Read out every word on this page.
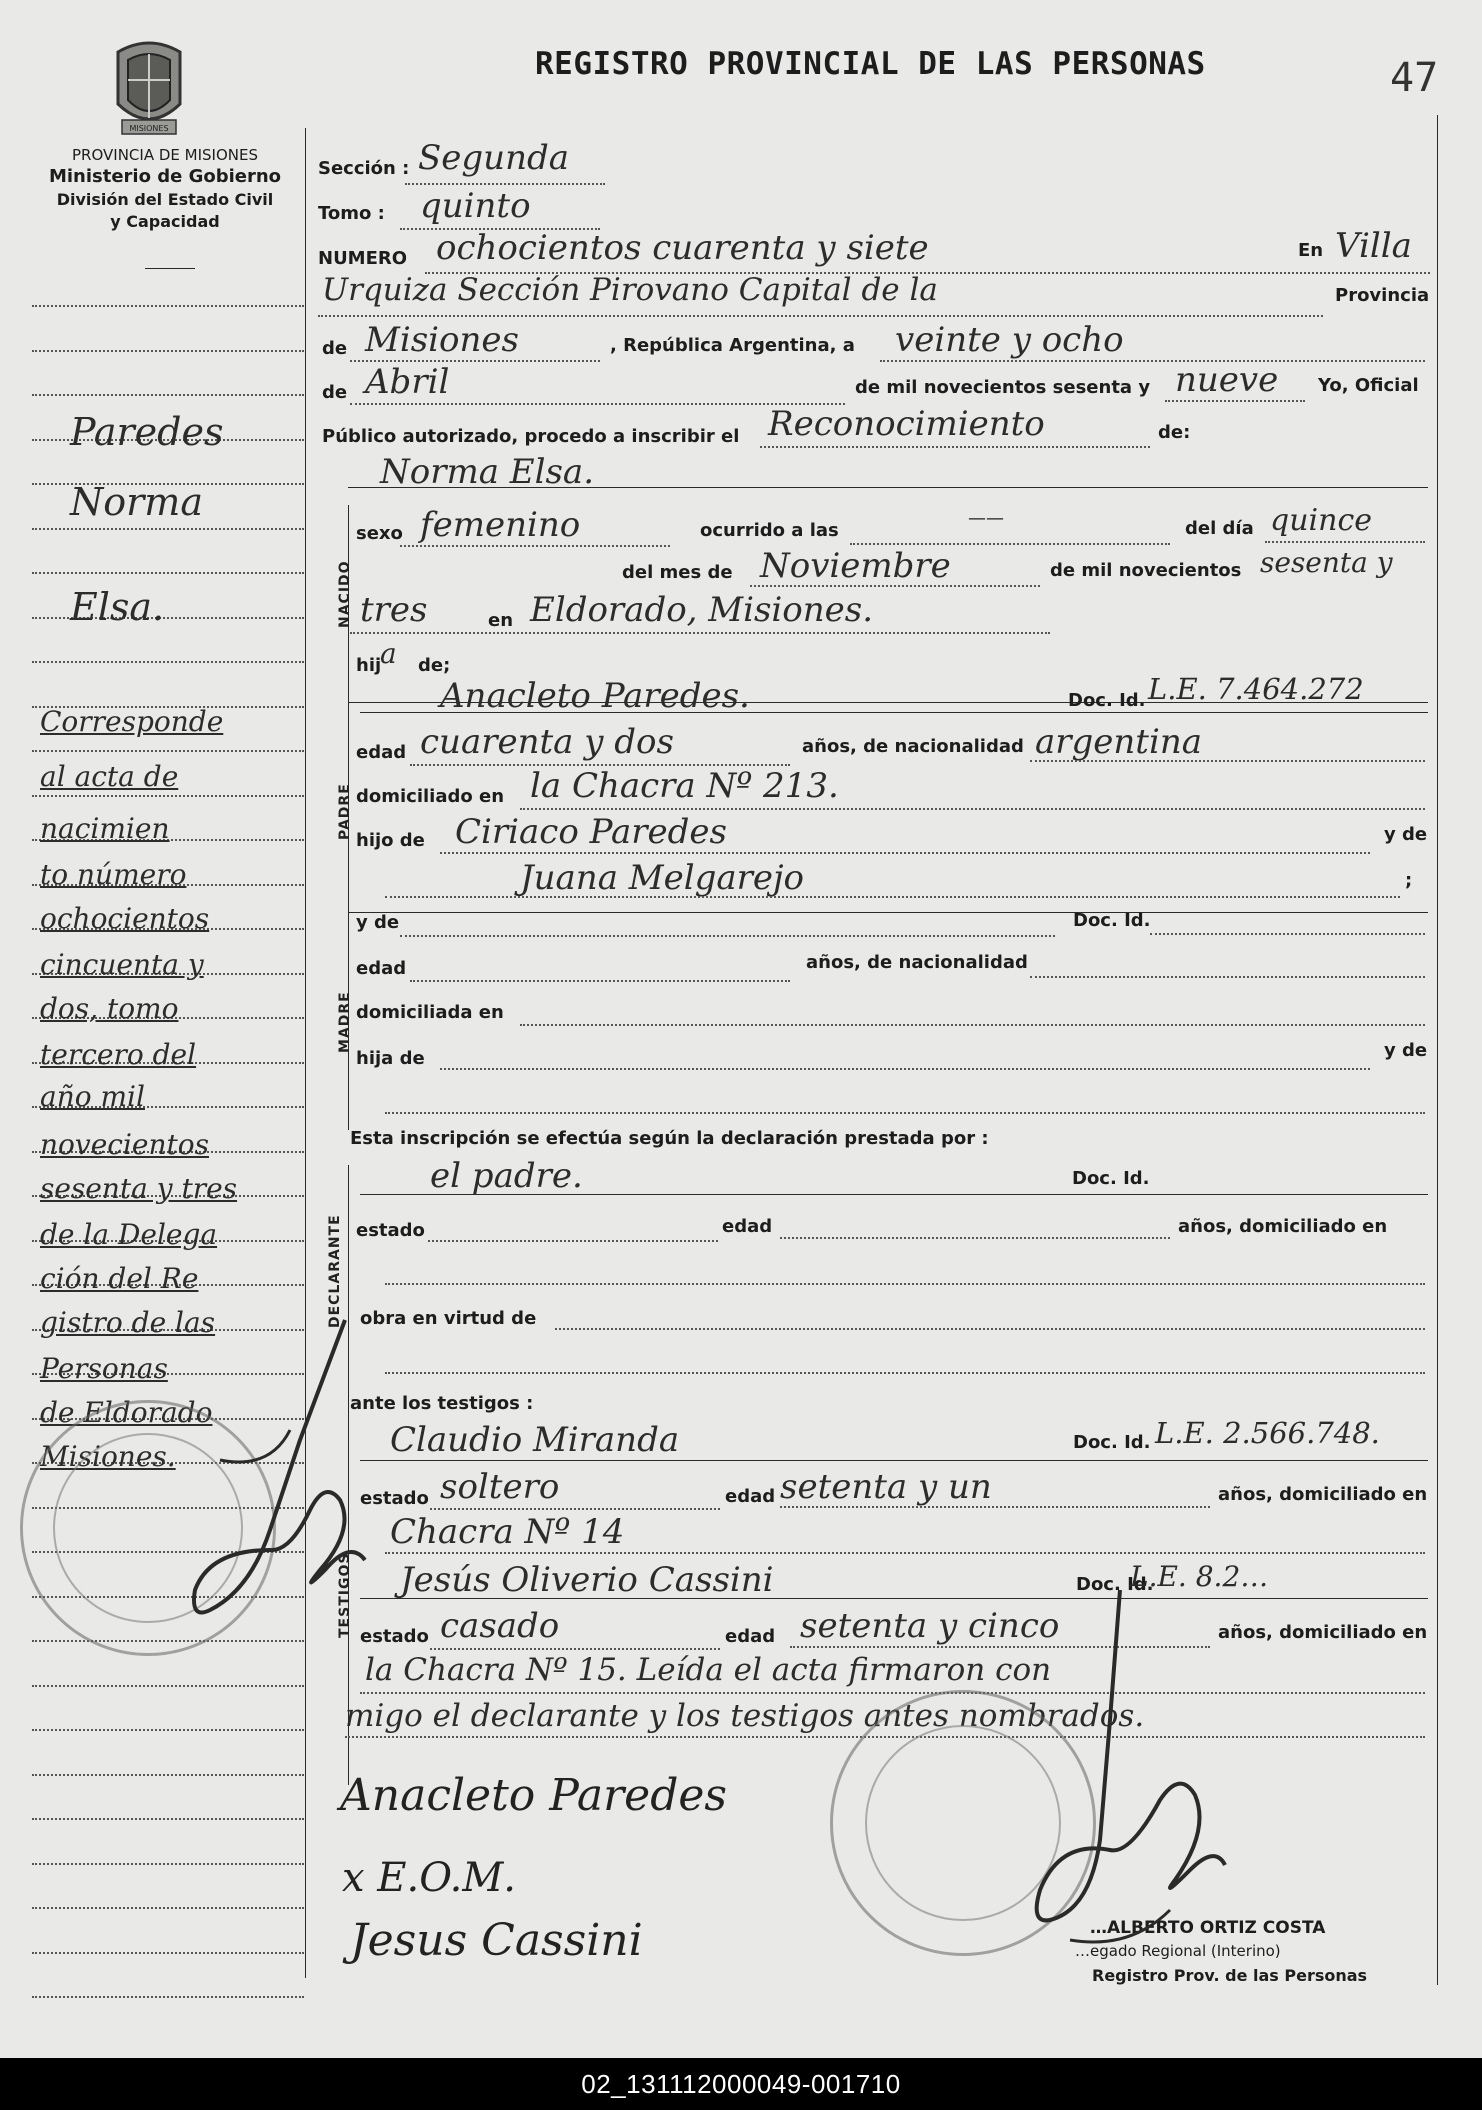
MISIONES
PROVINCIA DE MISIONES
Ministerio de Gobierno
División del Estado Civil
y Capacidad
REGISTRO PROVINCIAL DE LAS PERSONAS	47
Paredes
Norma
Elsa.
Corresponde
al acta de
nacimien
to número
ochocientos
cincuenta y
dos, tomo
tercero del
año mil
novecientos
sesenta y tres
de la Delega
ción del Re
gistro de las
Personas
de Eldorado
Misiones.
Sección : Segunda
Tomo : quinto
NUMERO ochocientos cuarenta y siete	En Villa
Urquiza Sección Pirovano Capital de la	Provincia
de Misiones	, República Argentina, a veinte y ocho
de Abril	de mil novecientos sesenta y nueve Yo, Oficial
Público autorizado, procedo a inscribir el Reconocimiento	de:
Norma Elsa.
NACIDO
sexo femenino	ocurrido a las
——	del día quince
del mes de Noviembre	de mil novecientos sesenta y
tres	en Eldorado, Misiones.
hij
a de;
PADRE
Anacleto Paredes.	Doc. Id. L.E. 7.464.272
edad cuarenta y dos	años, de nacionalidad argentina
domiciliado en la Chacra Nº 213.
hijo de Ciriaco Paredes	y de
Juana Melgarejo	;
MADRE
y de	Doc. Id.
edad	años, de nacionalidad
domiciliada en
hija de	y de
Esta inscripción se efectúa según la declaración prestada por :
DECLARANTE
el padre.	Doc. Id.
estado	edad	años, domiciliado en
obra en virtud de
ante los testigos :
TESTIGOS
Claudio Miranda	Doc. Id. L.E. 2.566.748.
estado soltero	edad setenta y un	años, domiciliado en
Chacra Nº 14
Jesús Oliverio Cassini	Doc. Id.
L.E. 8.2…
estado casado	edad setenta y cinco	años, domiciliado en
la Chacra Nº 15. Leída el acta firmaron con
migo el declarante y los testigos antes nombrados.
Anacleto Paredes
x E.O.M.
Jesus Cassini	…ALBERTO ORTIZ COSTA
…egado Regional (Interino)
Registro Prov. de las Personas
02_131112000049-001710
